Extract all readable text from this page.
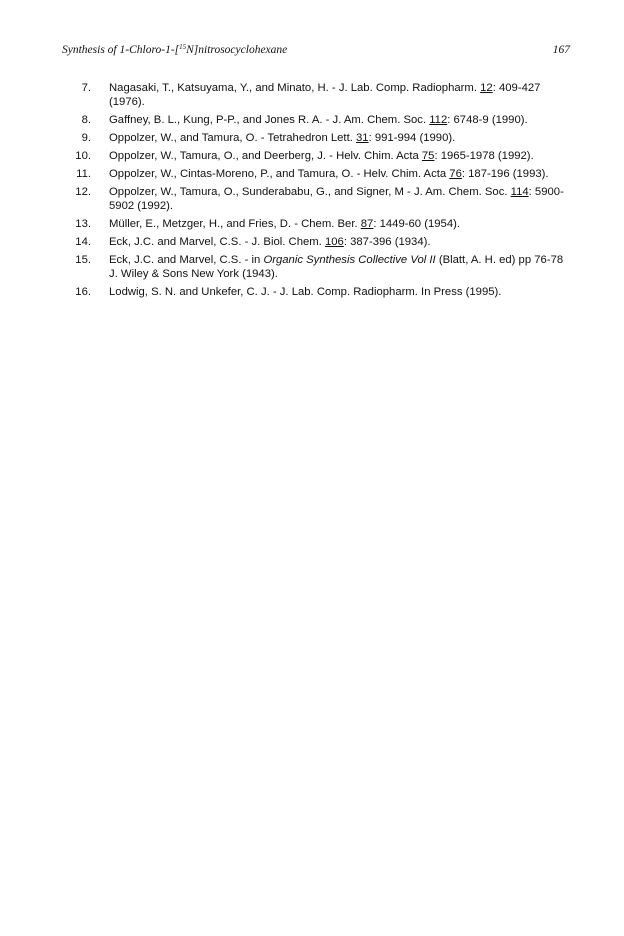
Synthesis of 1-Chloro-1-[$^{15}$N]nitrosocyclohexane	167
7. Nagasaki, T., Katsuyama, Y., and Minato, H. - J. Lab. Comp. Radiopharm. 12: 409-427 (1976).
8. Gaffney, B. L., Kung, P-P., and Jones R. A. - J. Am. Chem. Soc. 112: 6748-9 (1990).
9. Oppolzer, W., and Tamura, O. - Tetrahedron Lett. 31: 991-994 (1990).
10. Oppolzer, W., Tamura, O., and Deerberg, J. - Helv. Chim. Acta 75: 1965-1978 (1992).
11. Oppolzer, W., Cintas-Moreno, P., and Tamura, O. - Helv. Chim. Acta 76: 187-196 (1993).
12. Oppolzer, W., Tamura, O., Sunderababu, G., and Signer, M - J. Am. Chem. Soc. 114: 5900-5902 (1992).
13. Müller, E., Metzger, H., and Fries, D. - Chem. Ber. 87: 1449-60 (1954).
14. Eck, J.C. and Marvel, C.S. - J. Biol. Chem. 106: 387-396 (1934).
15. Eck, J.C. and Marvel, C.S. - in Organic Synthesis Collective Vol II (Blatt, A. H. ed) pp 76-78 J. Wiley & Sons New York (1943).
16. Lodwig, S. N. and Unkefer, C. J. - J. Lab. Comp. Radiopharm. In Press (1995).
